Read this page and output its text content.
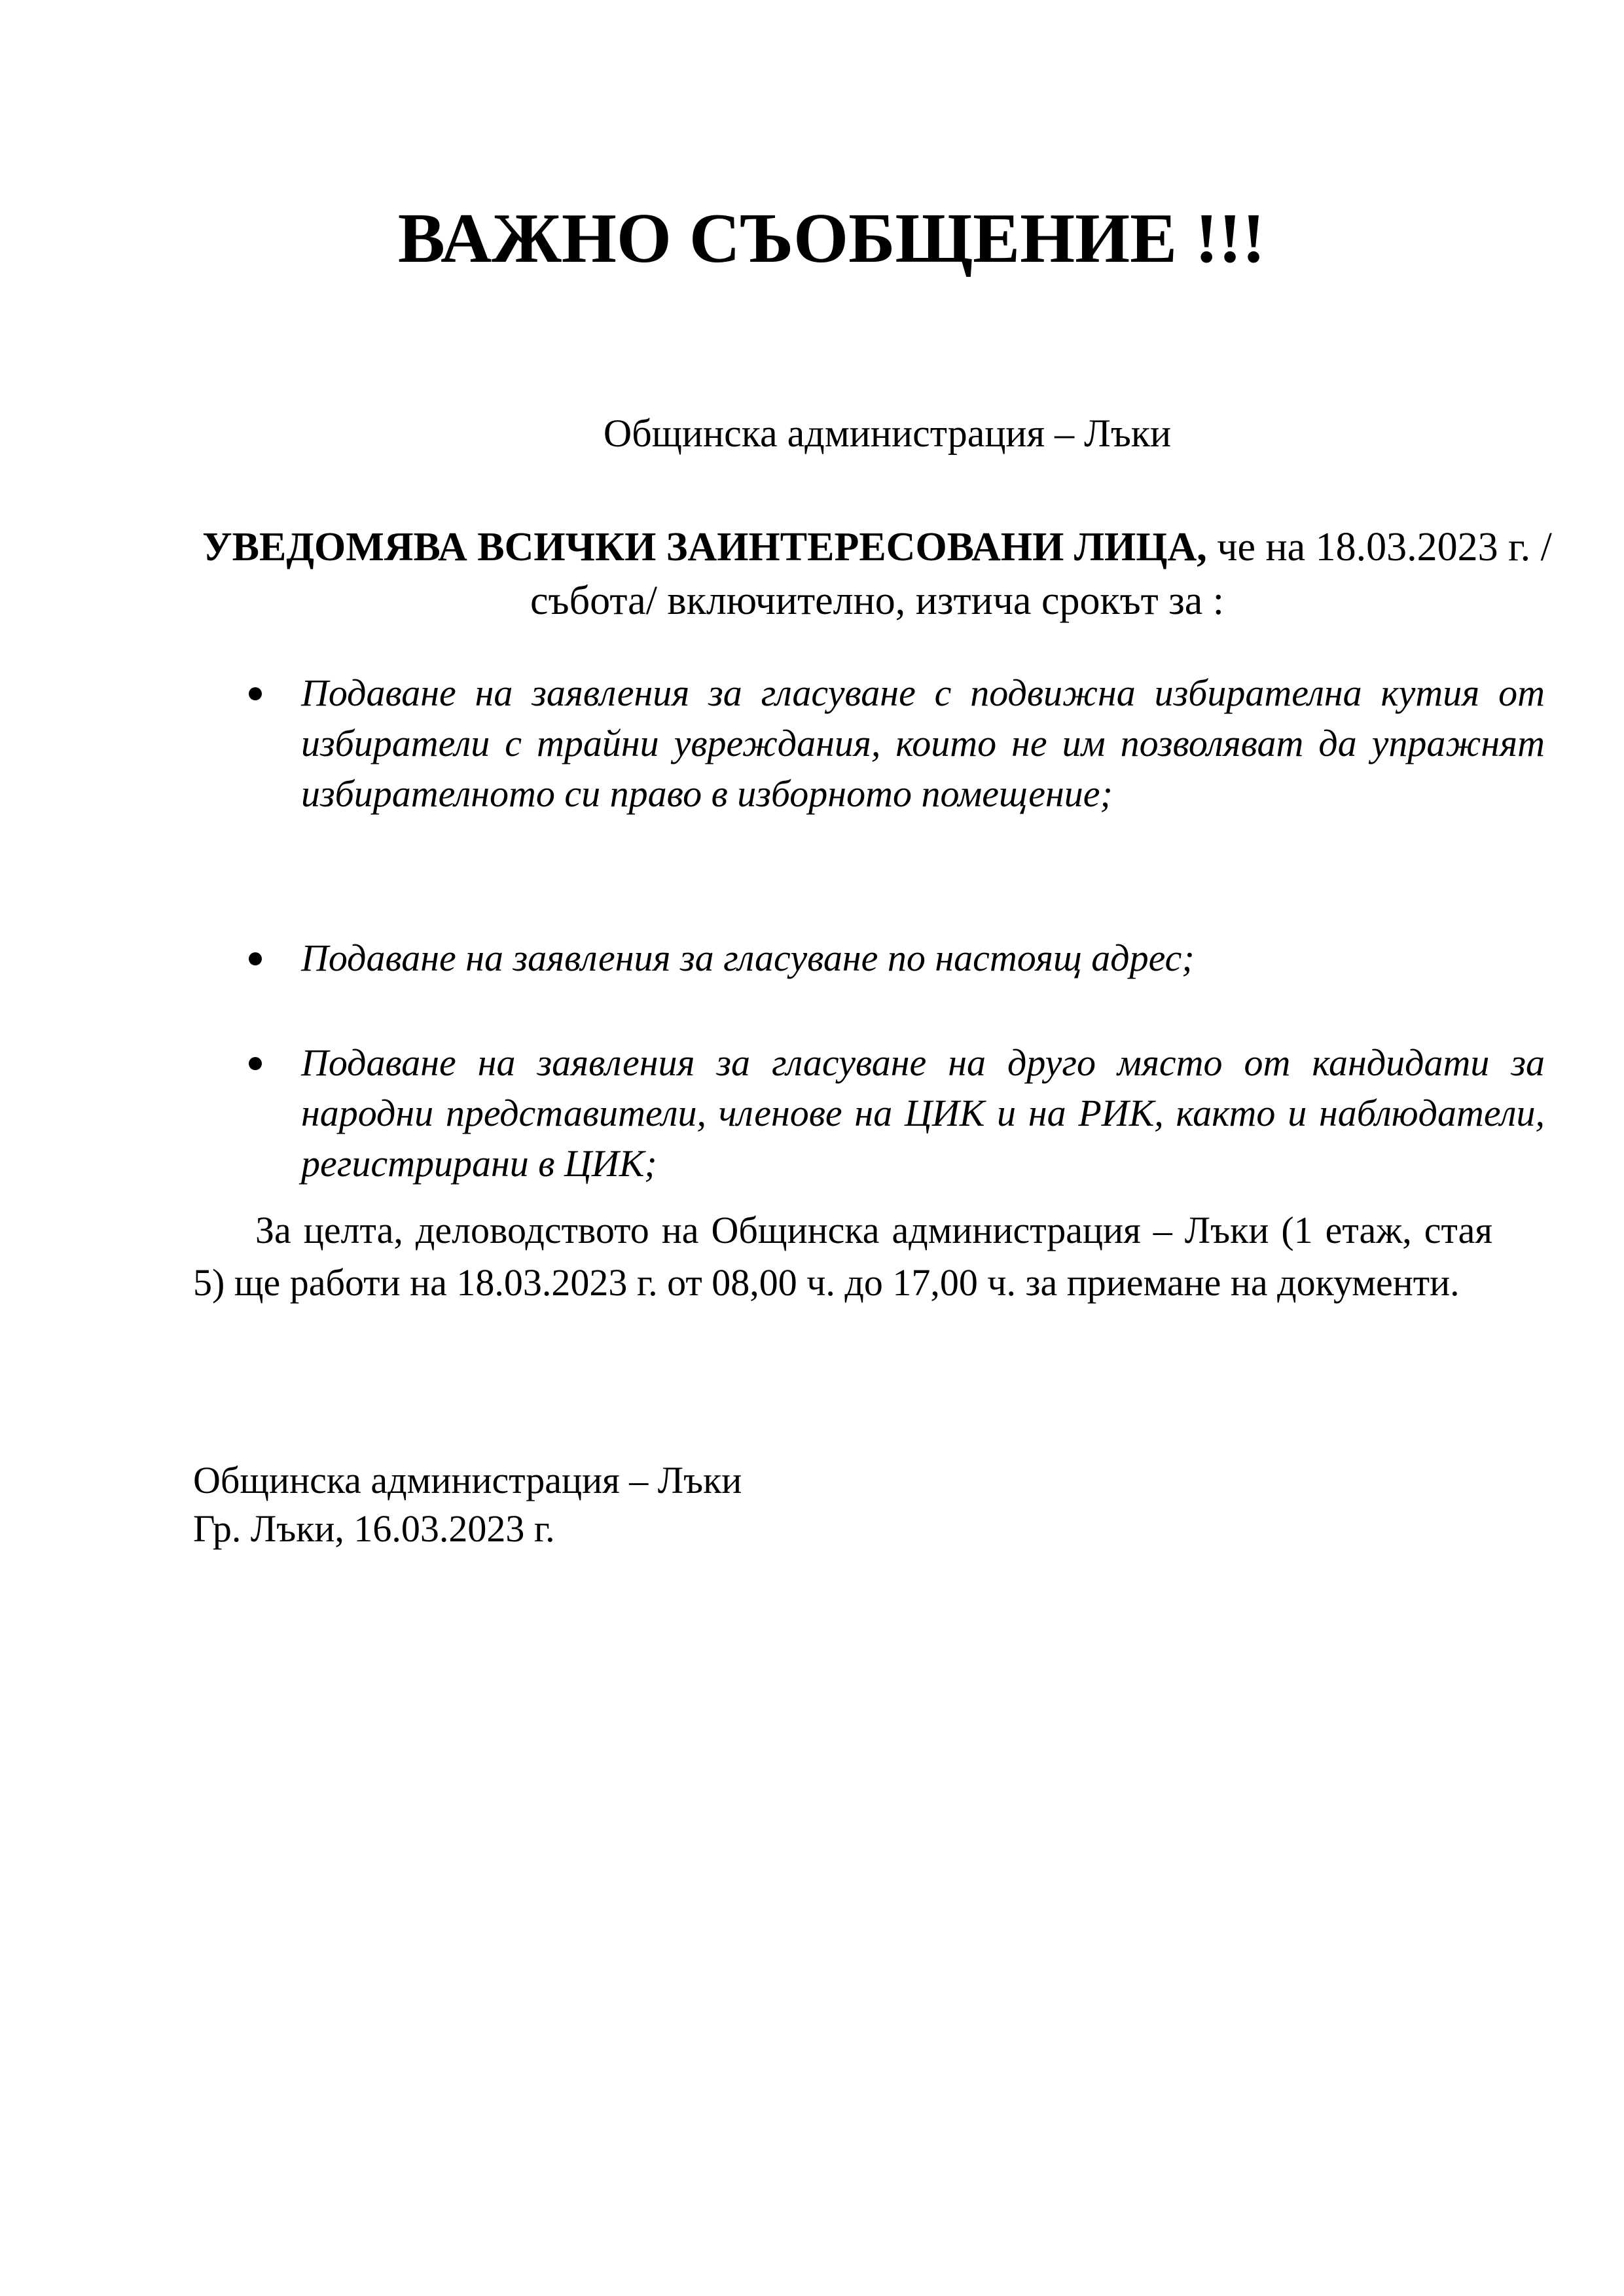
ВАЖНО СЪОБЩЕНИЕ !!!
Общинска администрация – Лъки
УВЕДОМЯВА ВСИЧКИ ЗАИНТЕРЕСОВАНИ ЛИЦА, че на 18.03.2023 г. /събота/ включително, изтича срокът за :
Подаване на заявления за гласуване с подвижна избирателна кутия от избиратели с трайни увреждания, които не им позволяват да упражнят избирателното си право в изборното помещение;
Подаване на заявления за гласуване по настоящ адрес;
Подаване на заявления за гласуване на друго място от кандидати за народни представители, членове на ЦИК и на РИК, както и наблюдатели, регистрирани в ЦИК;

За целта, деловодството на Общинска администрация – Лъки (1 етаж, стая 5) ще работи на 18.03.2023 г. от 08,00 ч. до 17,00 ч. за приемане на документи.

Общинска администрация – Лъки
Гр. Лъки, 16.03.2023 г.
